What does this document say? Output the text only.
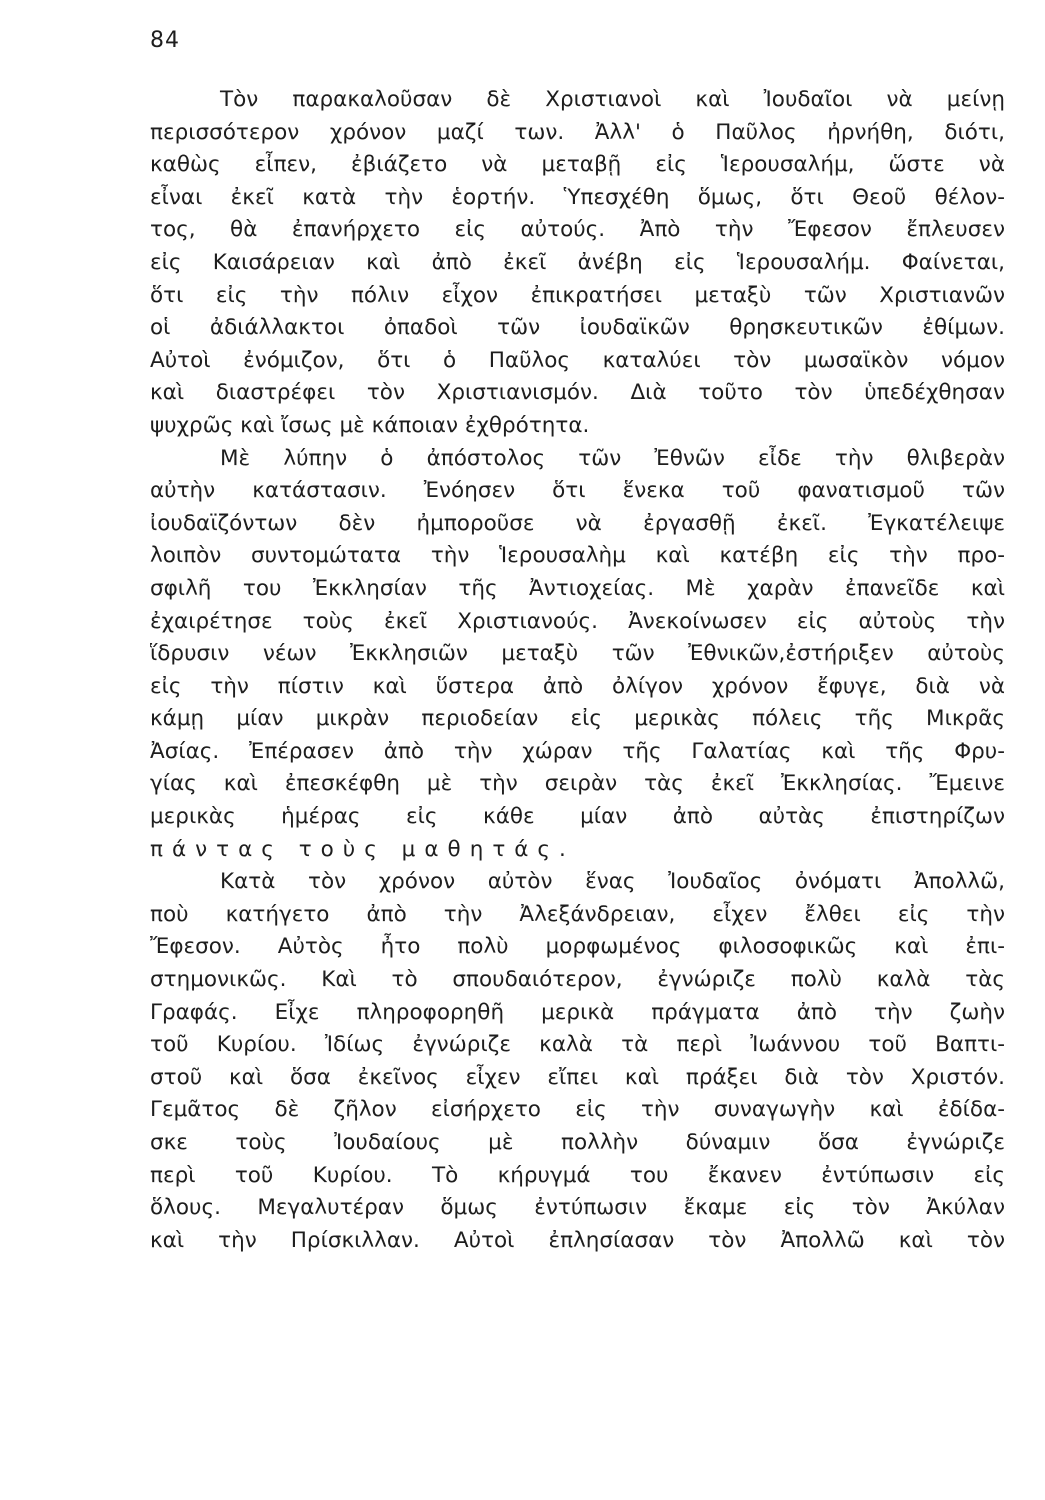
84
Τὸν παρακαλοῦσαν δὲ Χριστιανοὶ καὶ Ἰουδαῖοι νὰ μείνῃ
περισσότερον χρόνον μαζί των. Ἀλλ' ὁ Παῦλος ἠρνήθη, διότι,
καθὼς εἶπεν, ἐβιάζετο νὰ μεταβῇ εἰς Ἱερουσαλήμ, ὥστε νὰ
εἶναι ἐκεῖ κατὰ τὴν ἑορτήν. Ὑπεσχέθη ὅμως, ὅτι Θεοῦ θέλον-
τος, θὰ ἐπανήρχετο εἰς αὐτούς. Ἀπὸ τὴν Ἔφεσον ἔπλευσεν
εἰς Καισάρειαν καὶ ἀπὸ ἐκεῖ ἀνέβη εἰς Ἱερουσαλήμ. Φαίνεται,
ὅτι εἰς τὴν πόλιν εἶχον ἐπικρατήσει μεταξὺ τῶν Χριστιανῶν
οἱ ἀδιάλλακτοι ὀπαδοὶ τῶν ἰουδαϊκῶν θρησκευτικῶν ἐθίμων.
Αὐτοὶ ἐνόμιζον, ὅτι ὁ Παῦλος καταλύει τὸν μωσαϊκὸν νόμον
καὶ διαστρέφει τὸν Χριστιανισμόν. Διὰ τοῦτο τὸν ὑπεδέχθησαν
ψυχρῶς καὶ ἴσως μὲ κάποιαν ἐχθρότητα.
Μὲ λύπην ὁ ἀπόστολος τῶν Ἐθνῶν εἶδε τὴν θλιβερὰν
αὐτὴν κατάστασιν. Ἐνόησεν ὅτι ἕνεκα τοῦ φανατισμοῦ τῶν
ἰουδαϊζόντων δὲν ἠμποροῦσε νὰ ἐργασθῇ ἐκεῖ. Ἐγκατέλειψε
λοιπὸν συντομώτατα τὴν Ἱερουσαλὴμ καὶ κατέβη εἰς τὴν προ-
σφιλῆ του Ἐκκλησίαν τῆς Ἀντιοχείας. Μὲ χαρὰν ἐπανεῖδε καὶ
ἐχαιρέτησε τοὺς ἐκεῖ Χριστιανούς. Ἀνεκοίνωσεν εἰς αὐτοὺς τὴν
ἵδρυσιν νέων Ἐκκλησιῶν μεταξὺ τῶν Ἐθνικῶν,ἐστήριξεν αὐτοὺς
εἰς τὴν πίστιν καὶ ὕστερα ἀπὸ ὀλίγον χρόνον ἔφυγε, διὰ νὰ
κάμῃ μίαν μικρὰν περιοδείαν εἰς μερικὰς πόλεις τῆς Μικρᾶς
Ἀσίας. Ἐπέρασεν ἀπὸ τὴν χώραν τῆς Γαλατίας καὶ τῆς Φρυ-
γίας καὶ ἐπεσκέφθη μὲ τὴν σειρὰν τὰς ἐκεῖ Ἐκκλησίας. Ἔμεινε
μερικὰς ἡμέρας εἰς κάθε μίαν ἀπὸ αὐτὰς ἐπιστηρίζων
πάντας τοὺς μαθητάς.
Κατὰ τὸν χρόνον αὐτὸν ἕνας Ἰουδαῖος ὀνόματι Ἀπολλῶ,
ποὺ κατήγετο ἀπὸ τὴν Ἀλεξάνδρειαν, εἶχεν ἔλθει εἰς τὴν
Ἔφεσον. Αὐτὸς ἦτο πολὺ μορφωμένος φιλοσοφικῶς καὶ ἐπι-
στημονικῶς. Καὶ τὸ σπουδαιότερον, ἐγνώριζε πολὺ καλὰ τὰς
Γραφάς. Εἶχε πληροφορηθῆ μερικὰ πράγματα ἀπὸ τὴν ζωὴν
τοῦ Κυρίου. Ἰδίως ἐγνώριζε καλὰ τὰ περὶ Ἰωάννου τοῦ Βαπτι-
στοῦ καὶ ὅσα ἐκεῖνος εἶχεν εἴπει καὶ πράξει διὰ τὸν Χριστόν.
Γεμᾶτος δὲ ζῆλον εἰσήρχετο εἰς τὴν συναγωγὴν καὶ ἐδίδα-
σκε τοὺς Ἰουδαίους μὲ πολλὴν δύναμιν ὅσα ἐγνώριζε
περὶ τοῦ Κυρίου. Τὸ κήρυγμά του ἔκανεν ἐντύπωσιν εἰς
ὅλους. Μεγαλυτέραν ὅμως ἐντύπωσιν ἔκαμε εἰς τὸν Ἀκύλαν
καὶ τὴν Πρίσκιλλαν. Αὐτοὶ ἐπλησίασαν τὸν Ἀπολλῶ καὶ τὸν
